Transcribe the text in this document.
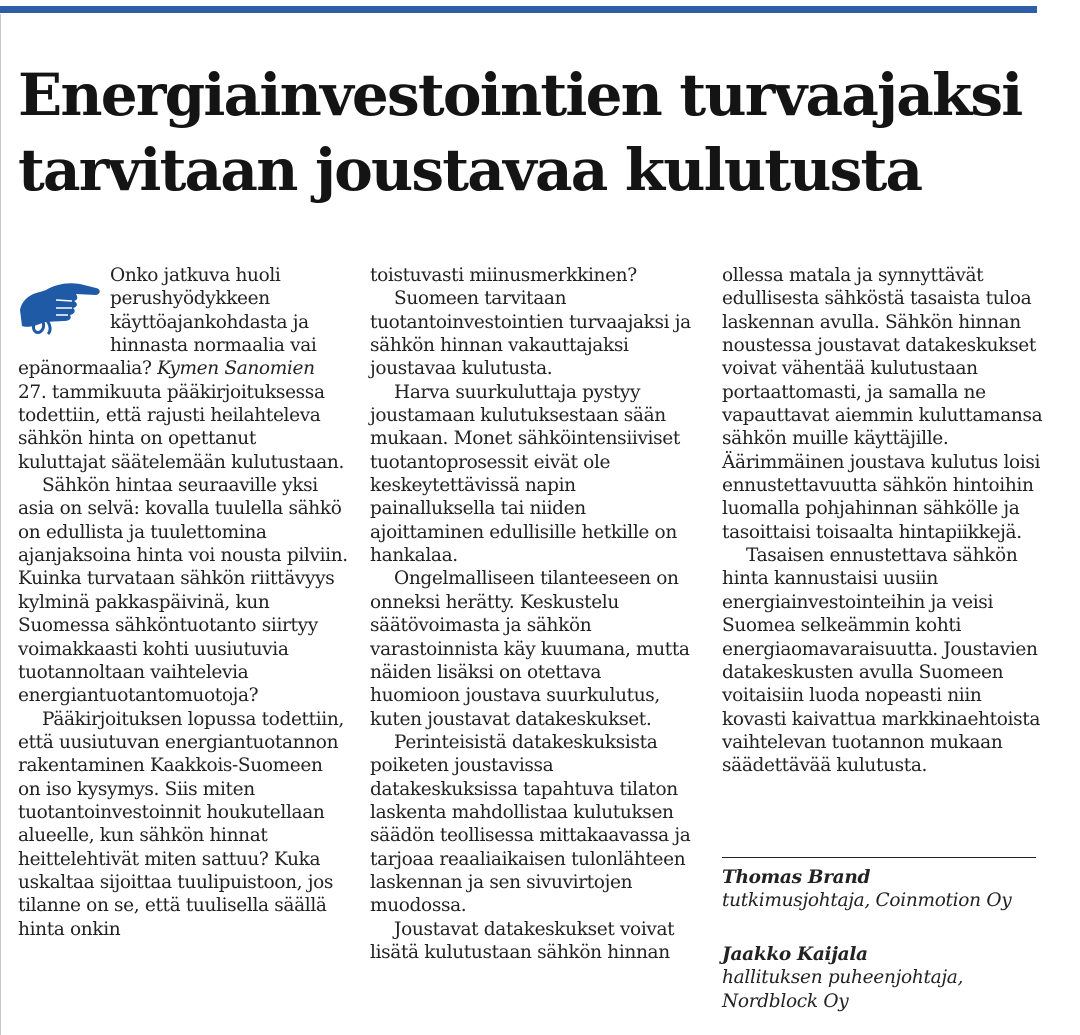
Energiainvestointien turvaajaksi tarvitaan joustavaa kulutusta

Onko jatkuva huoli perushyödykkeen käyttöajankohdasta ja hinnasta normaalia vai epänormaalia? Kymen Sanomien 27. tammikuuta pääkirjoituksessa todettiin, että rajusti heilahteleva sähkön hinta on opettanut kuluttajat säätelemään kulutustaan.

Sähkön hintaa seuraaville yksi asia on selvä: kovalla tuulella sähkö on edullista ja tuulettomina ajanjaksoina hinta voi nousta pilviin. Kuinka turvataan sähkön riittävyys kylminä pakkaspäivinä, kun Suomessa sähköntuotanto siirtyy voimakkaasti kohti uusiutuvia tuotannoltaan vaihtelevia energiantuotantomuotoja?

Pääkirjoituksen lopussa todettiin, että uusiutuvan energiantuotannon rakentaminen Kaakkois-Suomeen on iso kysymys. Siis miten tuotantoinvestoinnit houkutellaan alueelle, kun sähkön hinnat heittelehtivät miten sattuu? Kuka uskaltaa sijoittaa tuulipuistoon, jos tilanne on se, että tuulisella säällä hinta onkin

toistuvasti miinusmerkkinen?

Suomeen tarvitaan tuotantoinvestointien turvaajaksi ja sähkön hinnan vakauttajaksi joustavaa kulutusta.

Harva suurkuluttaja pystyy joustamaan kulutuksestaan sään mukaan. Monet sähköintensiiviset tuotantoprosessit eivät ole keskeytettävissä napin painalluksella tai niiden ajoittaminen edullisille hetkille on hankalaa.

Ongelmalliseen tilanteeseen on onneksi herätty. Keskustelu säätövoimasta ja sähkön varastoinnista käy kuumana, mutta näiden lisäksi on otettava huomioon joustava suurkulutus, kuten joustavat datakeskukset.

Perinteisistä datakeskuksista poiketen joustavissa datakeskuksissa tapahtuva tilaton laskenta mahdollistaa kulutuksen säädön teollisessa mittakaavassa ja tarjoaa reaaliaikaisen tulonlähteen laskennan ja sen sivuvirtojen muodossa.

Joustavat datakeskukset voivat lisätä kulutustaan sähkön hinnan

ollessa matala ja synnyttävät edullisesta sähköstä tasaista tuloa laskennan avulla. Sähkön hinnan noustessa joustavat datakeskukset voivat vähentää kulutustaan portaattomasti, ja samalla ne vapauttavat aiemmin kuluttamansa sähkön muille käyttäjille. Äärimmäinen joustava kulutus loisi ennustettavuutta sähkön hintoihin luomalla pohjahinnan sähkölle ja tasoittaisi toisaalta hintapiikkejä.

Tasaisen ennustettava sähkön hinta kannustaisi uusiin energiainvestointeihin ja veisi Suomea selkeämmin kohti energiaomavaraisuutta. Joustavien datakeskusten avulla Suomeen voitaisiin luoda nopeasti niin kovasti kaivattua markkinaehtoista vaihtelevan tuotannon mukaan säädettävää kulutusta.

Thomas Brand
tutkimusjohtaja, Coinmotion Oy
Jaakko Kaijala
hallituksen puheenjohtaja, Nordblock Oy
